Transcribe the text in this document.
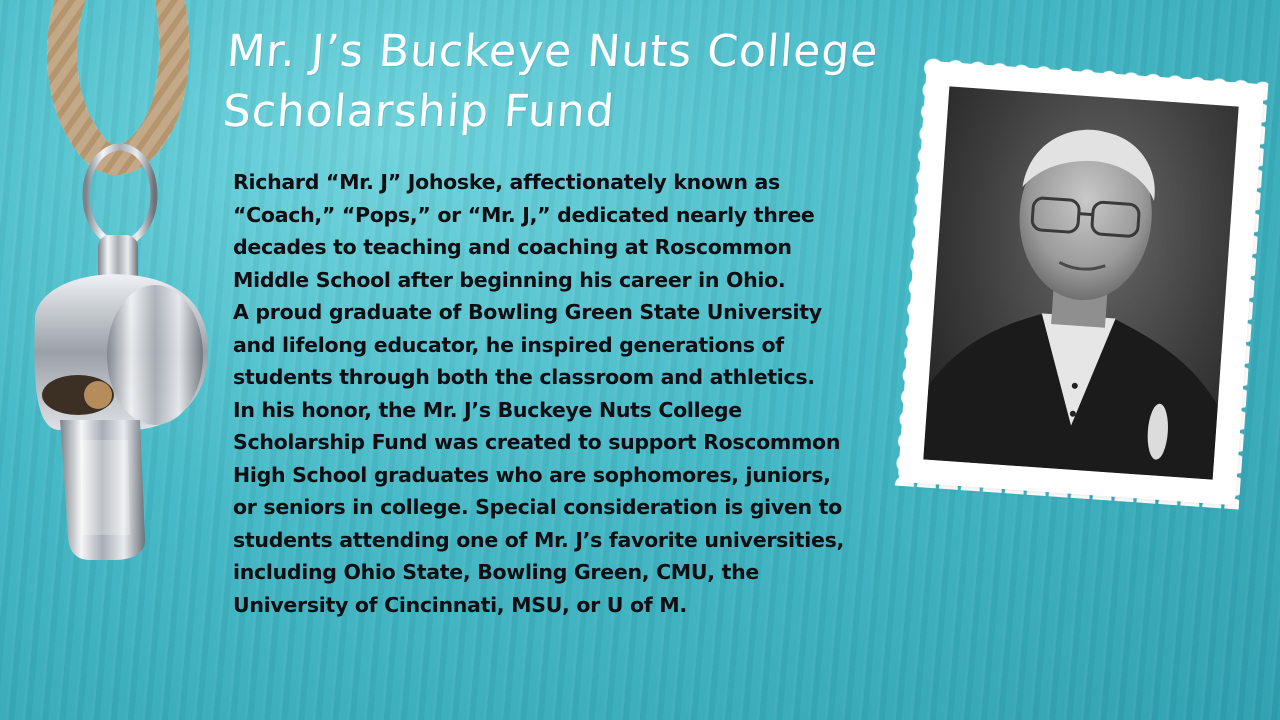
Mr. J’s Buckeye Nuts College Scholarship Fund
Richard “Mr. J” Johoske, affectionately known as
“Coach,” “Pops,” or “Mr. J,” dedicated nearly three
decades to teaching and coaching at Roscommon
Middle School after beginning his career in Ohio.
A proud graduate of Bowling Green State University
and lifelong educator, he inspired generations of
students through both the classroom and athletics.
In his honor, the Mr. J’s Buckeye Nuts College
Scholarship Fund was created to support Roscommon
High School graduates who are sophomores, juniors,
or seniors in college. Special consideration is given to
students attending one of Mr. J’s favorite universities,
including Ohio State, Bowling Green, CMU, the
University of Cincinnati, MSU, or U of M.
